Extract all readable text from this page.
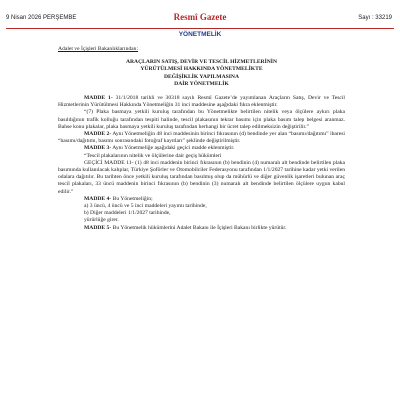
9 Nisan 2026 PERŞEMBE	Resmî Gazete	Sayı : 33219
YÖNETMELİK

Adalet ve İçişleri Bakanlıklarından:

ARAÇLARIN SATIŞ, DEVİR VE TESCİL HİZMETLERİNİN

YÜRÜTÜLMESİ HAKKINDA YÖNETMELİKTE

DEĞİŞİKLİK YAPILMASINA

DAİR YÖNETMELİK

MADDE 1- 31/1/2018 tarihli ve 30318 sayılı Resmî Gazete’de yayımlanan Araçların Satış, Devir ve Tescil Hizmetlerinin Yürütülmesi Hakkında Yönetmeliğin 31 inci maddesine aşağıdaki fıkra eklenmiştir.

“(7) Plaka basmaya yetkili kuruluş tarafından bu Yönetmelikte belirtilen nitelik veya ölçülere aykırı plaka basıldığının trafik kolluğu tarafından tespiti halinde, tescil plakasının tekrar basımı için plaka basım talep belgesi aranmaz. Bahse konu plakalar, plaka basmaya yetkili kuruluş tarafından herhangi bir ücret talep edilmeksizin değiştirilir.”

MADDE 2- Aynı Yönetmeliğin 48 inci maddesinin birinci fıkrasının (d) bendinde yer alan “basımı/dağıtımı” ibaresi “basımı/dağıtımı, basımı sonrasındaki fotoğraf kayıtları” şeklinde değiştirilmiştir.

MADDE 3- Aynı Yönetmeliğe aşağıdaki geçici madde eklenmiştir.

“Tescil plakalarının nitelik ve ölçülerine dair geçiş hükümleri

GEÇİCİ MADDE 11- (1) 48 inci maddenin birinci fıkrasının (b) bendinin (4) numaralı alt bendinde belirtilen plaka basımında kullanılacak kalıplar, Türkiye Şoförler ve Otomobilciler Federasyonu tarafından 1/1/2027 tarihine kadar yetki verilen odalara dağıtılır. Bu tarihten önce yetkili kuruluş tarafından basılmış olup da mühürlü ve diğer güvenlik işaretleri bulunan araç tescil plakaları, 33 üncü maddenin birinci fıkrasının (b) bendinin (3) numaralı alt bendinde belirtilen ölçülere uygun kabul edilir.”

MADDE 4- Bu Yönetmeliğin;

a) 3 üncü, 4 üncü ve 5 inci maddeleri yayımı tarihinde,

b) Diğer maddeleri 1/1/2027 tarihinde,

yürürlüğe girer.

MADDE 5- Bu Yönetmelik hükümlerini Adalet Bakanı ile İçişleri Bakanı birlikte yürütür.
